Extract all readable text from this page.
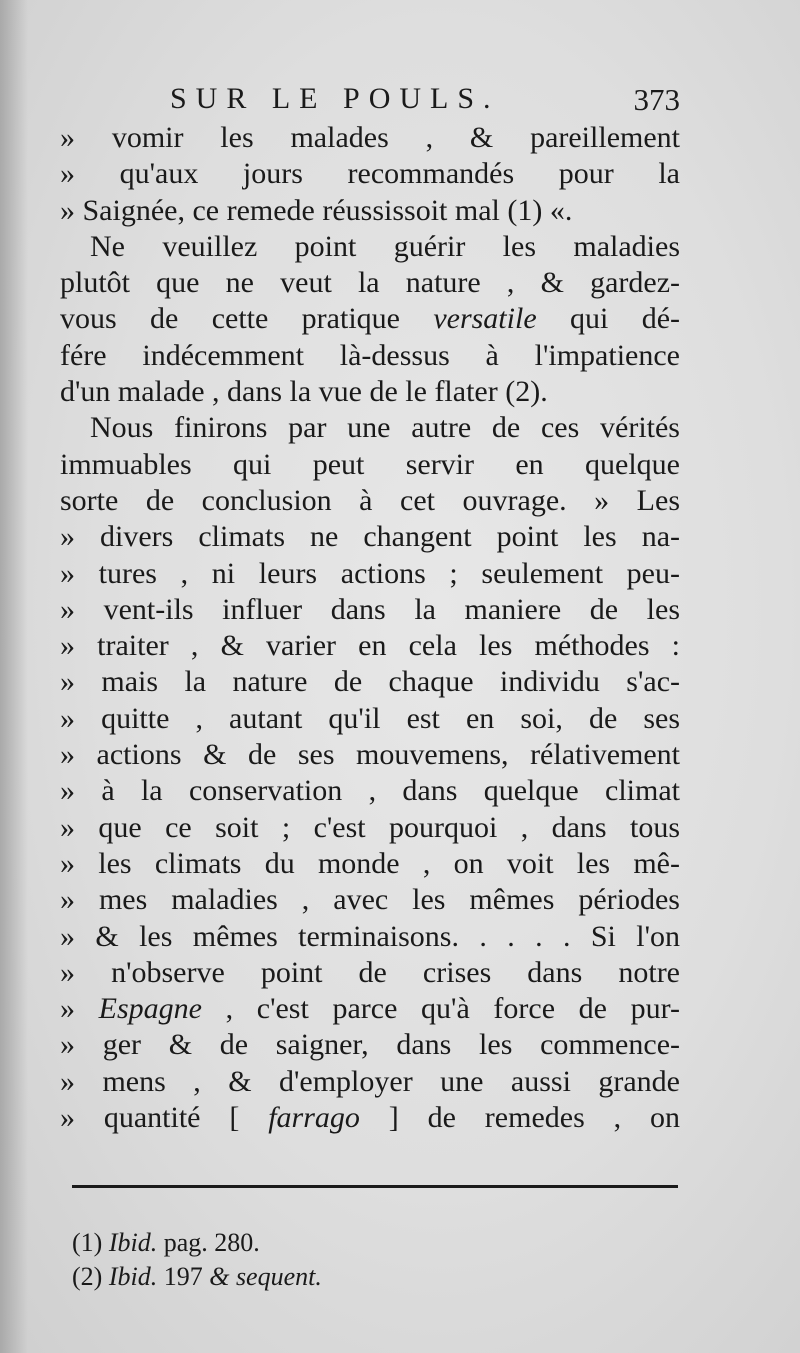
SUR LE POULS.	373
» vomir les malades , & pareillement
» qu'aux jours recommandés pour la
» Saignée, ce remede réussissoit mal (1) «.
Ne veuillez point guérir les maladies
plutôt que ne veut la nature , & gardez-
vous de cette pratique versatile qui dé-
fére indécemment là-dessus à l'impatience
d'un malade , dans la vue de le flater (2).
Nous finirons par une autre de ces vérités
immuables qui peut servir en quelque
sorte de conclusion à cet ouvrage. » Les
» divers climats ne changent point les na-
» tures , ni leurs actions ; seulement peu-
» vent-ils influer dans la maniere de les
» traiter , & varier en cela les méthodes :
» mais la nature de chaque individu s'ac-
» quitte , autant qu'il est en soi, de ses
» actions & de ses mouvemens, rélativement
» à la conservation , dans quelque climat
» que ce soit ; c'est pourquoi , dans tous
» les climats du monde , on voit les mê-
» mes maladies , avec les mêmes périodes
» & les mêmes terminaisons. . . . . Si l'on
» n'observe point de crises dans notre
» Espagne , c'est parce qu'à force de pur-
» ger & de saigner, dans les commence-
» mens , & d'employer une aussi grande
» quantité [ farrago ] de remedes , on
(1) Ibid. pag. 280.
(2) Ibid. 197 & sequent.
